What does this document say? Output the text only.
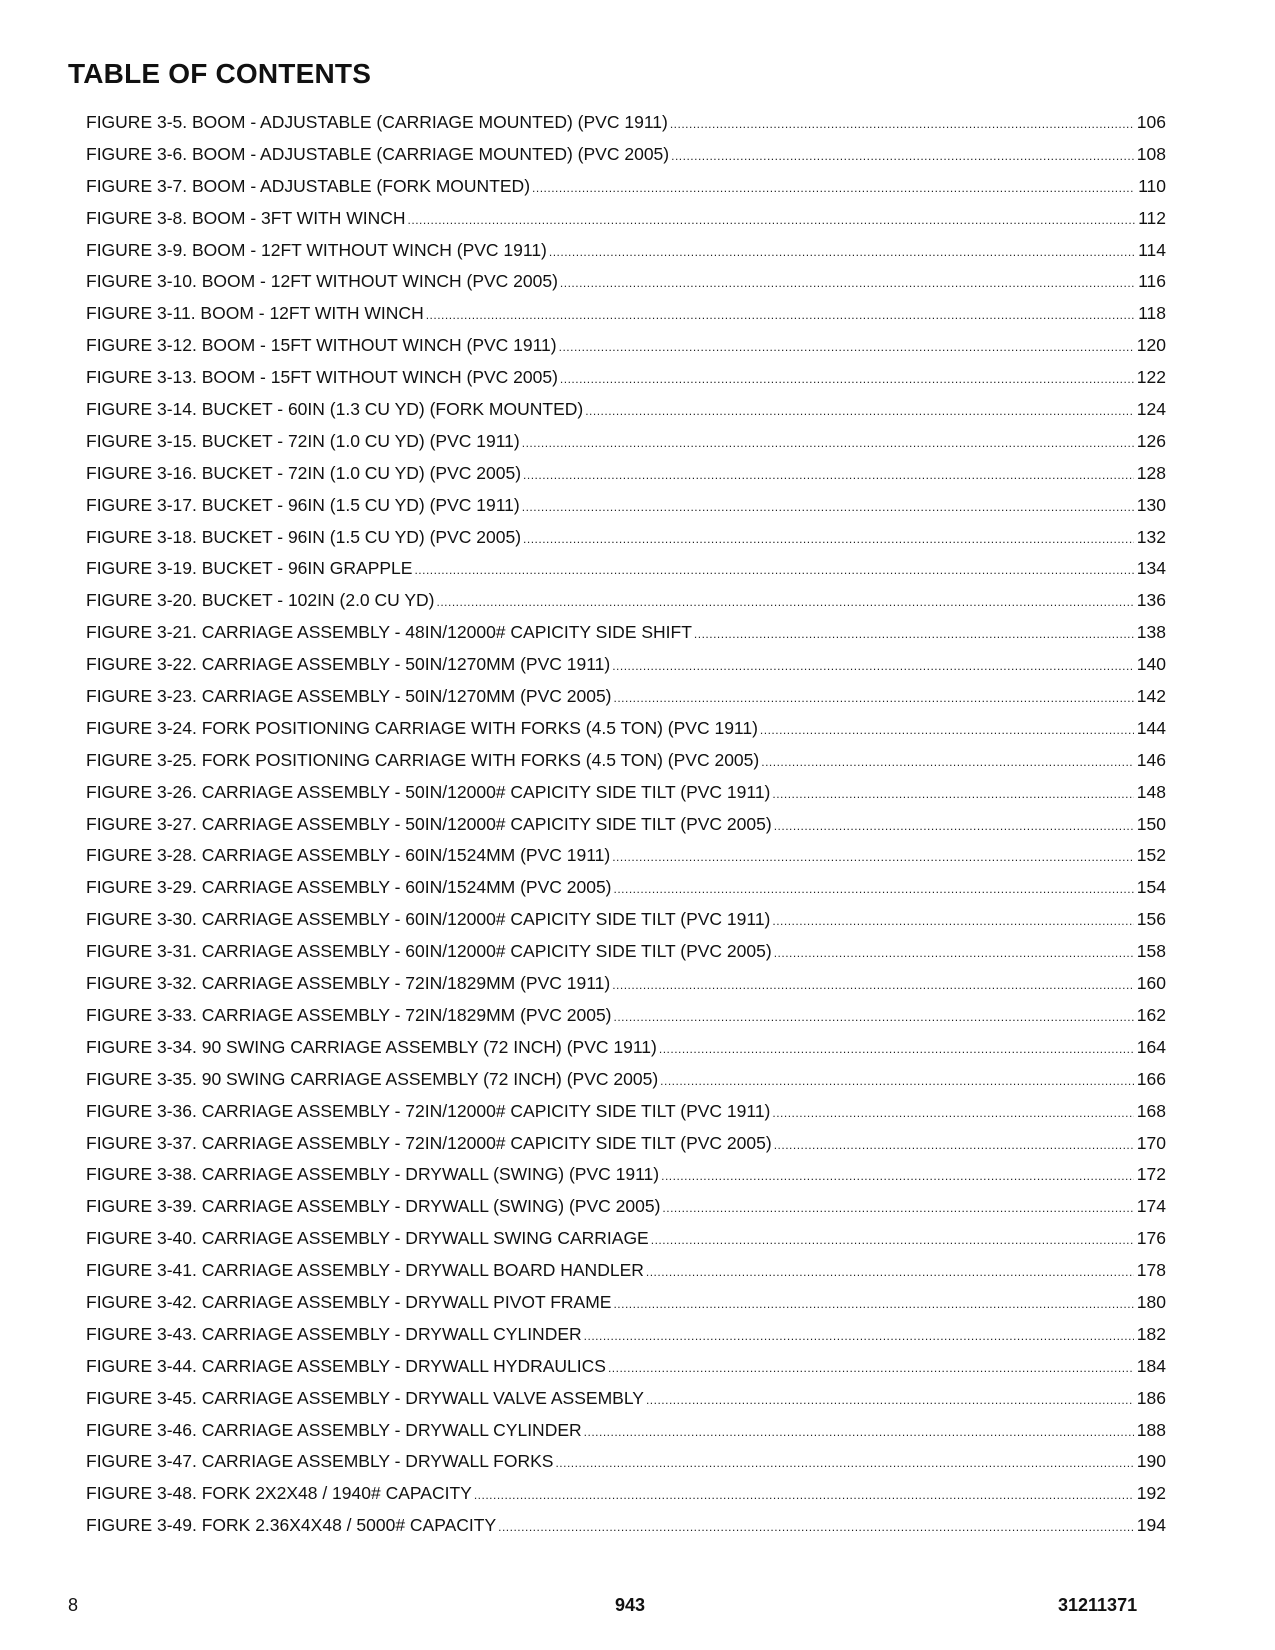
TABLE OF CONTENTS
FIGURE 3-5. BOOM - ADJUSTABLE (CARRIAGE MOUNTED) (PVC 1911) .....	106
FIGURE 3-6. BOOM - ADJUSTABLE (CARRIAGE MOUNTED) (PVC 2005) .....	108
FIGURE 3-7. BOOM - ADJUSTABLE (FORK MOUNTED) .....	110
FIGURE 3-8. BOOM - 3FT WITH WINCH .....	112
FIGURE 3-9. BOOM - 12FT WITHOUT WINCH (PVC 1911) .....	114
FIGURE 3-10. BOOM - 12FT WITHOUT WINCH (PVC 2005) .....	116
FIGURE 3-11. BOOM - 12FT WITH WINCH .....	118
FIGURE 3-12. BOOM - 15FT WITHOUT WINCH (PVC 1911) .....	120
FIGURE 3-13. BOOM - 15FT WITHOUT WINCH (PVC 2005) .....	122
FIGURE 3-14. BUCKET - 60IN (1.3 CU YD) (FORK MOUNTED) .....	124
FIGURE 3-15. BUCKET - 72IN (1.0 CU YD) (PVC 1911) .....	126
FIGURE 3-16. BUCKET - 72IN (1.0 CU YD) (PVC 2005) .....	128
FIGURE 3-17. BUCKET - 96IN (1.5 CU YD) (PVC 1911) .....	130
FIGURE 3-18. BUCKET - 96IN (1.5 CU YD) (PVC 2005) .....	132
FIGURE 3-19. BUCKET - 96IN GRAPPLE .....	134
FIGURE 3-20. BUCKET - 102IN (2.0 CU YD) .....	136
FIGURE 3-21. CARRIAGE ASSEMBLY - 48IN/12000# CAPICITY SIDE SHIFT .....	138
FIGURE 3-22. CARRIAGE ASSEMBLY - 50IN/1270MM (PVC 1911) .....	140
FIGURE 3-23. CARRIAGE ASSEMBLY - 50IN/1270MM (PVC 2005) .....	142
FIGURE 3-24. FORK POSITIONING CARRIAGE WITH FORKS (4.5 TON) (PVC 1911) .....	144
FIGURE 3-25. FORK POSITIONING CARRIAGE WITH FORKS (4.5 TON) (PVC 2005) .....	146
FIGURE 3-26. CARRIAGE ASSEMBLY - 50IN/12000# CAPICITY SIDE TILT (PVC 1911) .....	148
FIGURE 3-27. CARRIAGE ASSEMBLY - 50IN/12000# CAPICITY SIDE TILT (PVC 2005) .....	150
FIGURE 3-28. CARRIAGE ASSEMBLY - 60IN/1524MM (PVC 1911) .....	152
FIGURE 3-29. CARRIAGE ASSEMBLY - 60IN/1524MM (PVC 2005) .....	154
FIGURE 3-30. CARRIAGE ASSEMBLY - 60IN/12000# CAPICITY SIDE TILT (PVC 1911) .....	156
FIGURE 3-31. CARRIAGE ASSEMBLY - 60IN/12000# CAPICITY SIDE TILT (PVC 2005) .....	158
FIGURE 3-32. CARRIAGE ASSEMBLY - 72IN/1829MM (PVC 1911) .....	160
FIGURE 3-33. CARRIAGE ASSEMBLY - 72IN/1829MM (PVC 2005) .....	162
FIGURE 3-34. 90 SWING CARRIAGE ASSEMBLY (72 INCH) (PVC 1911) .....	164
FIGURE 3-35. 90 SWING CARRIAGE ASSEMBLY (72 INCH) (PVC 2005) .....	166
FIGURE 3-36. CARRIAGE ASSEMBLY - 72IN/12000# CAPICITY SIDE TILT (PVC 1911) .....	168
FIGURE 3-37. CARRIAGE ASSEMBLY - 72IN/12000# CAPICITY SIDE TILT (PVC 2005) .....	170
FIGURE 3-38. CARRIAGE ASSEMBLY - DRYWALL (SWING) (PVC 1911) .....	172
FIGURE 3-39. CARRIAGE ASSEMBLY - DRYWALL (SWING) (PVC 2005) .....	174
FIGURE 3-40. CARRIAGE ASSEMBLY - DRYWALL SWING CARRIAGE .....	176
FIGURE 3-41. CARRIAGE ASSEMBLY - DRYWALL BOARD HANDLER .....	178
FIGURE 3-42. CARRIAGE ASSEMBLY - DRYWALL PIVOT FRAME .....	180
FIGURE 3-43. CARRIAGE ASSEMBLY - DRYWALL CYLINDER .....	182
FIGURE 3-44. CARRIAGE ASSEMBLY - DRYWALL HYDRAULICS .....	184
FIGURE 3-45. CARRIAGE ASSEMBLY - DRYWALL VALVE ASSEMBLY .....	186
FIGURE 3-46. CARRIAGE ASSEMBLY - DRYWALL CYLINDER .....	188
FIGURE 3-47. CARRIAGE ASSEMBLY - DRYWALL FORKS .....	190
FIGURE 3-48. FORK 2X2X48 / 1940# CAPACITY .....	192
FIGURE 3-49. FORK 2.36X4X48 / 5000# CAPACITY .....	194
8	943	31211371
